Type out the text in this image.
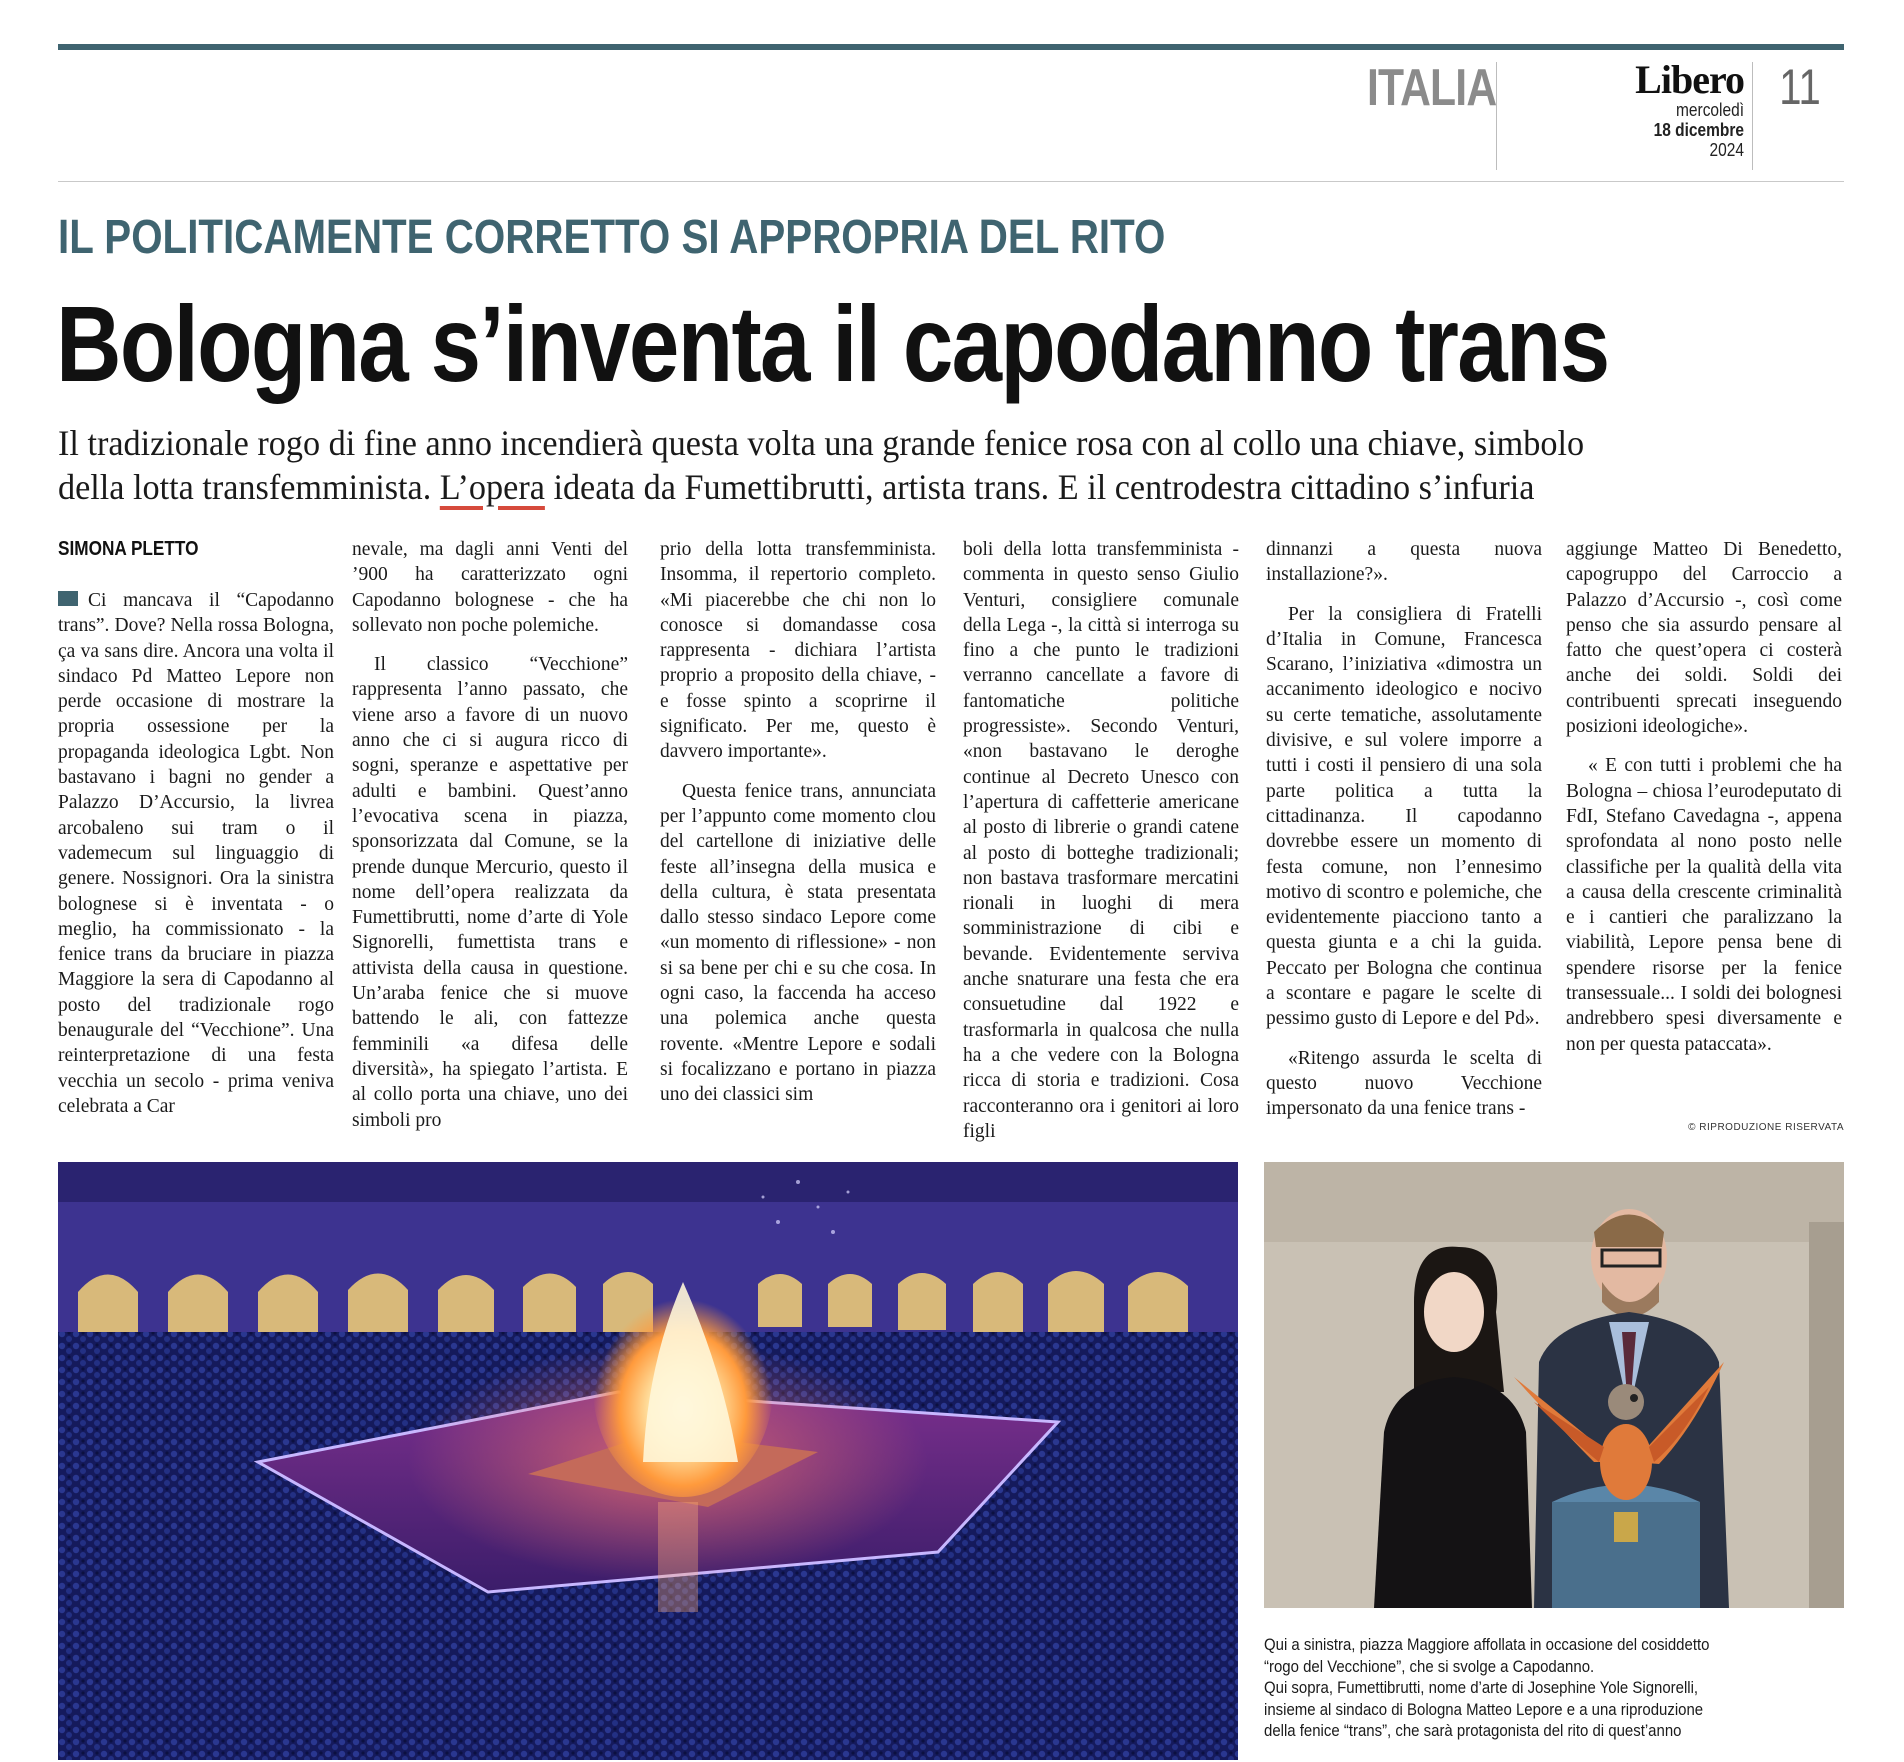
ITALIA	Libero
mercoledì
18 dicembre
2024
11
IL POLITICAMENTE CORRETTO SI APPROPRIA DEL RITO
Bologna s’inventa il capodanno trans
Il tradizionale rogo di fine anno incendierà questa volta una grande fenice rosa con al collo una chiave, simbolo
della lotta transfemminista. L’opera ideata da Fumettibrutti, artista trans. E il centrodestra cittadino s’infuria
SIMONA PLETTO

Ci mancava il “Capodanno trans”. Dove? Nella rossa Bologna, ça va sans dire. Ancora una volta il sindaco Pd Matteo Lepore non perde occasione di mostrare la propria ossessione per la propaganda ideologica Lgbt. Non bastavano i bagni no gender a Palazzo D’Accursio, la livrea arcobaleno sui tram o il vademecum sul linguaggio di genere. Nossignori. Ora la sinistra bolognese si è inventata - o meglio, ha commissionato - la fenice trans da bruciare in piazza Maggiore la sera di Capodanno al posto del tradizionale rogo benaugurale del “Vecchione”. Una reinterpretazione di una festa vecchia un secolo - prima veniva celebrata a Car

nevale, ma dagli anni Venti del ’900 ha caratterizzato ogni Capodanno bolognese - che ha sollevato non poche polemiche.

Il classico “Vecchione” rappresenta l’anno passato, che viene arso a favore di un nuovo anno che ci si augura ricco di sogni, speranze e aspettative per adulti e bambini. Quest’anno l’evocativa scena in piazza, sponsorizzata dal Comune, se la prende dunque Mercurio, questo il nome dell’opera realizzata da Fumettibrutti, nome d’arte di Yole Signorelli, fumettista trans e attivista della causa in questione. Un’araba fenice che si muove battendo le ali, con fattezze femminili «a difesa delle diversità», ha spiegato l’artista. E al collo porta una chiave, uno dei simboli pro

prio della lotta transfemminista. Insomma, il repertorio completo. «Mi piacerebbe che chi non lo conosce si domandasse cosa rappresenta - dichiara l’artista proprio a proposito della chiave, - e fosse spinto a scoprirne il significato. Per me, questo è davvero importante».

Questa fenice trans, annunciata per l’appunto come momento clou del cartellone di iniziative delle feste all’insegna della musica e della cultura, è stata presentata dallo stesso sindaco Lepore come «un momento di riflessione» - non si sa bene per chi e su che cosa. In ogni caso, la faccenda ha acceso una polemica anche questa rovente. «Mentre Lepore e sodali si focalizzano e portano in piazza uno dei classici sim

boli della lotta transfemminista - commenta in questo senso Giulio Venturi, consigliere comunale della Lega -, la città si interroga su fino a che punto le tradizioni verranno cancellate a favore di fantomatiche politiche progressiste». Secondo Venturi, «non bastavano le deroghe continue al Decreto Unesco con l’apertura di caffetterie americane al posto di librerie o grandi catene al posto di botteghe tradizionali; non bastava trasformare mercatini rionali in luoghi di mera somministrazione di cibi e bevande. Evidentemente serviva anche snaturare una festa che era consuetudine dal 1922 e trasformarla in qualcosa che nulla ha a che vedere con la Bologna ricca di storia e tradizioni. Cosa racconteranno ora i genitori ai loro figli

dinnanzi a questa nuova installazione?».

Per la consigliera di Fratelli d’Italia in Comune, Francesca Scarano, l’iniziativa «dimostra un accanimento ideologico e nocivo su certe tematiche, assolutamente divisive, e sul volere imporre a tutti i costi il pensiero di una sola parte politica a tutta la cittadinanza. Il capodanno dovrebbe essere un momento di festa comune, non l’ennesimo motivo di scontro e polemiche, che evidentemente piacciono tanto a questa giunta e a chi la guida. Peccato per Bologna che continua a scontare e pagare le scelte di pessimo gusto di Lepore e del Pd».

«Ritengo assurda le scelta di questo nuovo Vecchione impersonato da una fenice trans -

aggiunge Matteo Di Benedetto, capogruppo del Carroccio a Palazzo d’Accursio -, così come penso che sia assurdo pensare al fatto che quest’opera ci costerà anche dei soldi. Soldi dei contribuenti sprecati inseguendo posizioni ideologiche».

« E con tutti i problemi che ha Bologna – chiosa l’eurodeputato di FdI, Stefano Cavedagna -, appena sprofondata al nono posto nelle classifiche per la qualità della vita a causa della crescente criminalità e i cantieri che paralizzano la viabilità, Lepore pensa bene di spendere risorse per la fenice transessuale... I soldi dei bolognesi andrebbero spesi diversamente e non per questa pataccata».

© RIPRODUZIONE RISERVATA
Qui a sinistra, piazza Maggiore affollata in occasione del cosiddetto
“rogo del Vecchione”, che si svolge a Capodanno.
Qui sopra, Fumettibrutti, nome d’arte di Josephine Yole Signorelli,
insieme al sindaco di Bologna Matteo Lepore e a una riproduzione
della fenice “trans”, che sarà protagonista del rito di quest’anno
